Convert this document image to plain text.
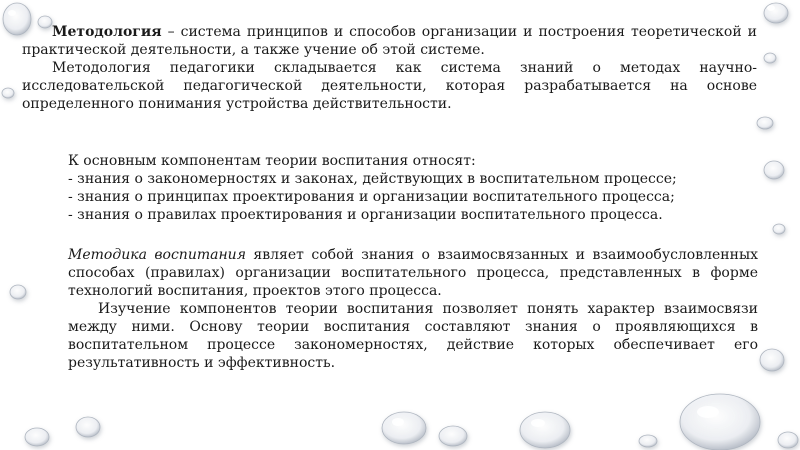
Методология – система принципов и способов организации и построения теоретической и практической деятельности, а также учение об этой системе.

Методология педагогики складывается как система знаний о методах научно-исследовательской педагогической деятельности, которая разрабатывается на основе определенного понимания устройства действительности.

К основным компонентам теории воспитания относят:

- знания о закономерностях и законах, действующих в воспитательном процессе;

- знания о принципах проектирования и организации воспитательного процесса;

- знания о правилах проектирования и организации воспитательного процесса.

Методика воспитания являет собой знания о взаимосвязанных и взаимообусловленных способах (правилах) организации воспитательного процесса, представленных в форме технологий воспитания, проектов этого процесса.

Изучение компонентов теории воспитания позволяет понять характер взаимосвязи между ними. Основу теории воспитания составляют знания о проявляющихся в воспитательном процессе закономерностях, действие которых обеспечивает его результативность и эффективность.
